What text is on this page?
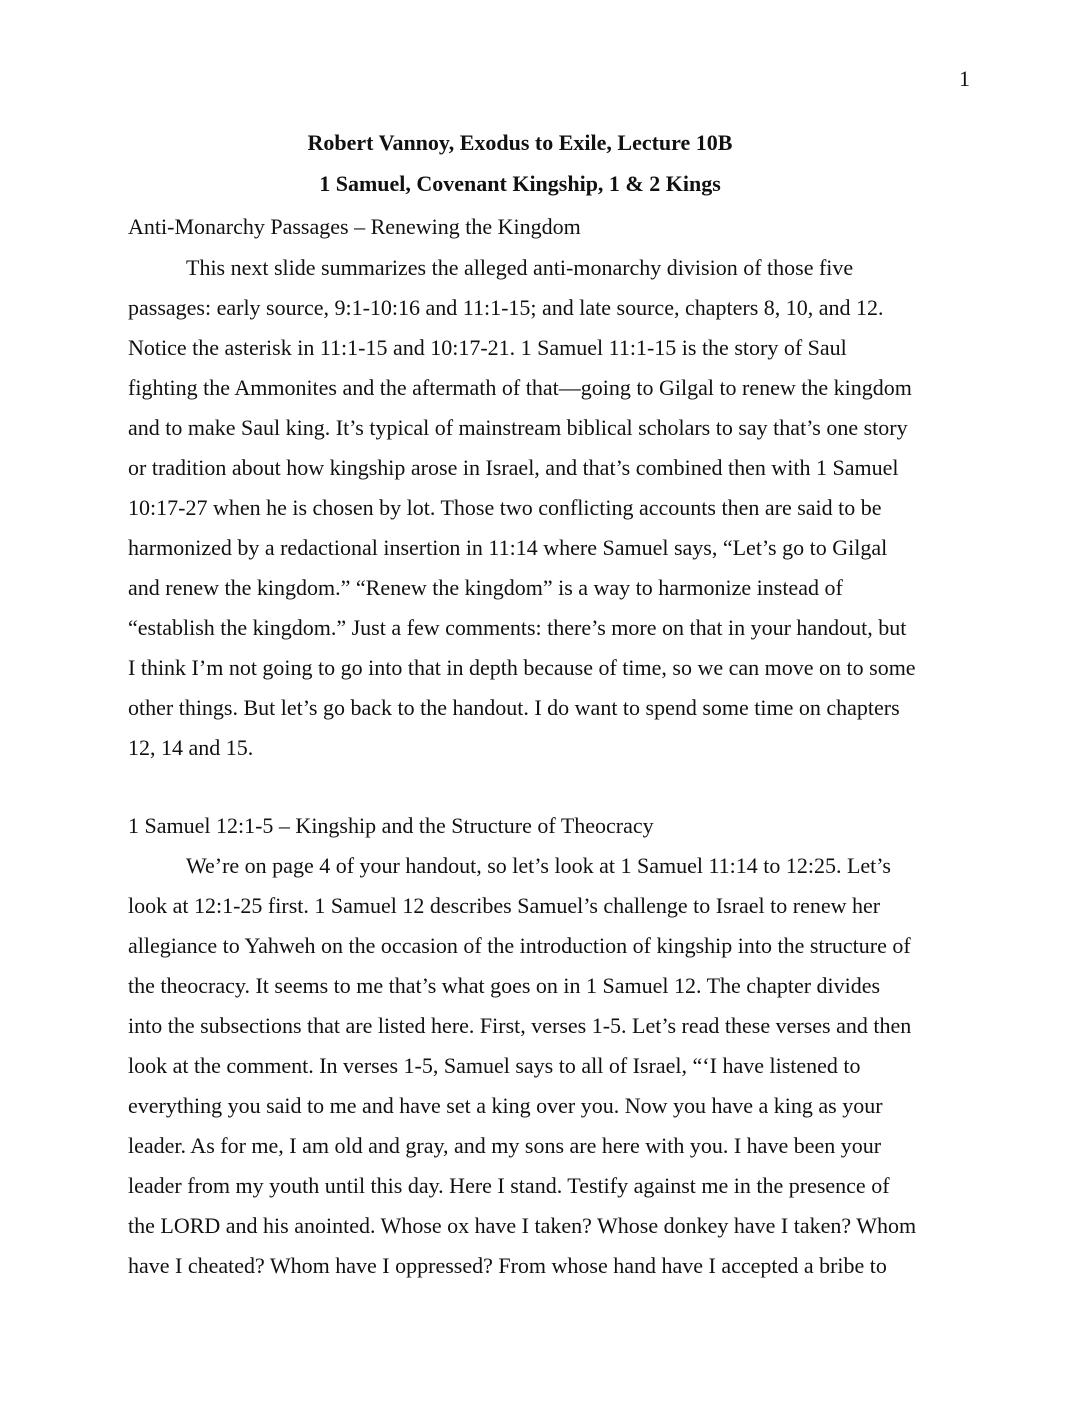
1
Robert Vannoy, Exodus to Exile, Lecture 10B
1 Samuel, Covenant Kingship, 1 & 2 Kings
Anti-Monarchy Passages – Renewing the Kingdom
This next slide summarizes the alleged anti-monarchy division of those five
passages: early source, 9:1-10:16 and 11:1-15; and late source, chapters 8, 10, and 12.
Notice the asterisk in 11:1-15 and 10:17-21. 1 Samuel 11:1-15 is the story of Saul
fighting the Ammonites and the aftermath of that—going to Gilgal to renew the kingdom
and to make Saul king. It’s typical of mainstream biblical scholars to say that’s one story
or tradition about how kingship arose in Israel, and that’s combined then with 1 Samuel
10:17-27 when he is chosen by lot. Those two conflicting accounts then are said to be
harmonized by a redactional insertion in 11:14 where Samuel says, “Let’s go to Gilgal
and renew the kingdom.” “Renew the kingdom” is a way to harmonize instead of
“establish the kingdom.” Just a few comments: there’s more on that in your handout, but
I think I’m not going to go into that in depth because of time, so we can move on to some
other things. But let’s go back to the handout. I do want to spend some time on chapters
12, 14 and 15.
1 Samuel 12:1-5 – Kingship and the Structure of Theocracy
We’re on page 4 of your handout, so let’s look at 1 Samuel 11:14 to 12:25. Let’s
look at 12:1-25 first. 1 Samuel 12 describes Samuel’s challenge to Israel to renew her
allegiance to Yahweh on the occasion of the introduction of kingship into the structure of
the theocracy. It seems to me that’s what goes on in 1 Samuel 12. The chapter divides
into the subsections that are listed here. First, verses 1-5. Let’s read these verses and then
look at the comment. In verses 1-5, Samuel says to all of Israel, “‘I have listened to
everything you said to me and have set a king over you. Now you have a king as your
leader. As for me, I am old and gray, and my sons are here with you. I have been your
leader from my youth until this day. Here I stand. Testify against me in the presence of
the LORD and his anointed. Whose ox have I taken? Whose donkey have I taken? Whom
have I cheated? Whom have I oppressed? From whose hand have I accepted a bribe to
